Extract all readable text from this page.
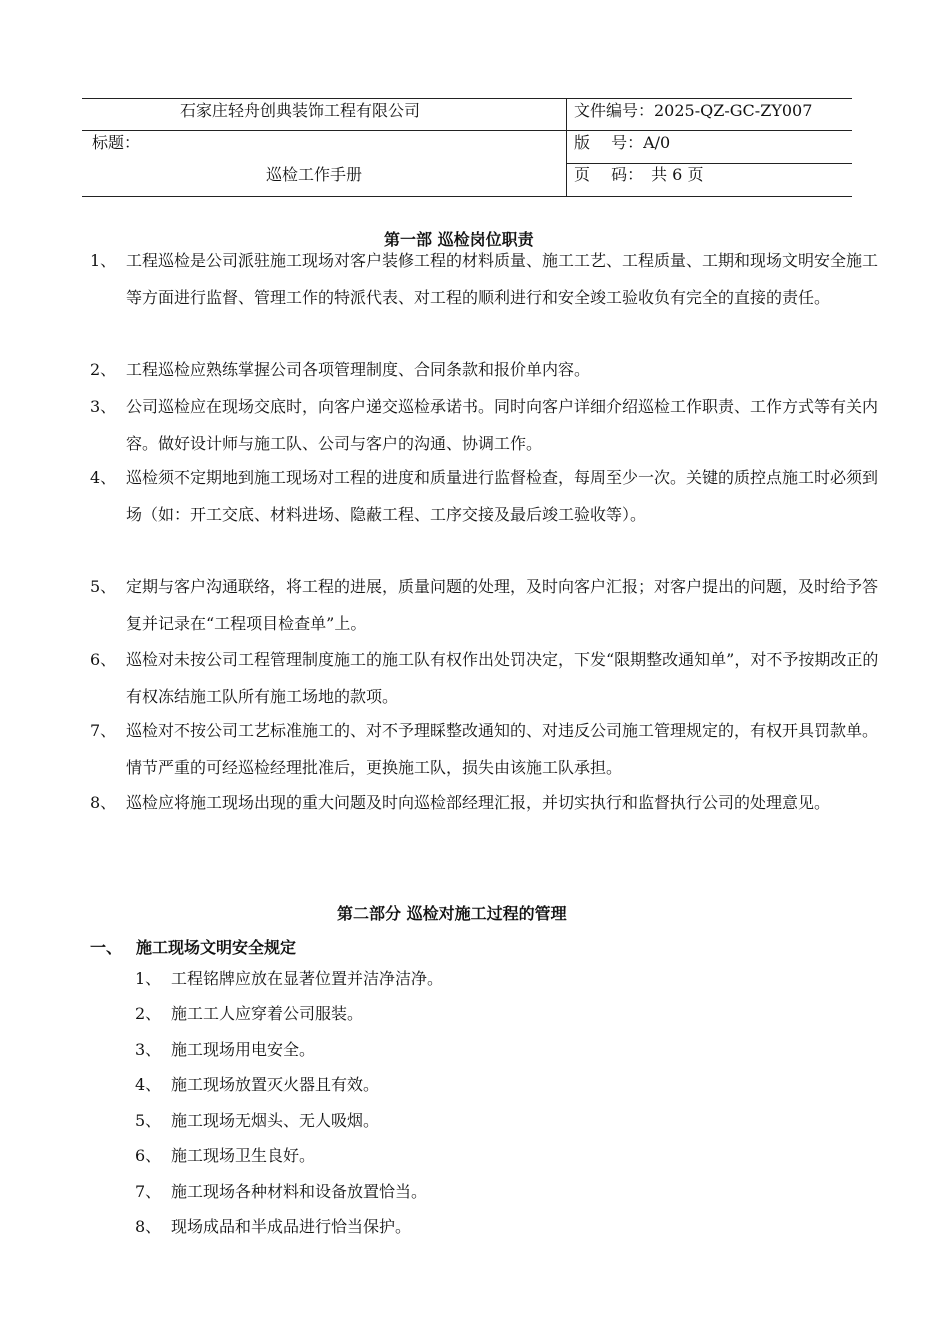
石家庄轻舟创典装饰工程有限公司	文件编号：2025-QZ-GC-ZY007
标题：	版　 号：A/0
巡检工作手册	页　 码：　共 6 页
第一部 巡检岗位职责
1、 工程巡检是公司派驻施工现场对客户装修工程的材料质量、施工工艺、工程质量、工期和现场文明安全施工等方面进行监督、管理工作的特派代表、对工程的顺利进行和安全竣工验收负有完全的直接的责任。
2、 工程巡检应熟练掌握公司各项管理制度、合同条款和报价单内容。
3、 公司巡检应在现场交底时，向客户递交巡检承诺书。同时向客户详细介绍巡检工作职责、工作方式等有关内容。做好设计师与施工队、公司与客户的沟通、协调工作。
4、 巡检须不定期地到施工现场对工程的进度和质量进行监督检查，每周至少一次。关键的质控点施工时必须到场（如：开工交底、材料进场、隐蔽工程、工序交接及最后竣工验收等）。
5、 定期与客户沟通联络，将工程的进展，质量问题的处理，及时向客户汇报；对客户提出的问题，及时给予答复并记录在“工程项目检查单”上。
6、 巡检对未按公司工程管理制度施工的施工队有权作出处罚决定，下发“限期整改通知单”，对不予按期改正的有权冻结施工队所有施工场地的款项。
7、 巡检对不按公司工艺标准施工的、对不予理睬整改通知的、对违反公司施工管理规定的，有权开具罚款单。情节严重的可经巡检经理批准后，更换施工队，损失由该施工队承担。
8、 巡检应将施工现场出现的重大问题及时向巡检部经理汇报，并切实执行和监督执行公司的处理意见。
第二部分 巡检对施工过程的管理
一、 施工现场文明安全规定
1、 工程铭牌应放在显著位置并洁净洁净。
2、 施工工人应穿着公司服装。
3、 施工现场用电安全。
4、 施工现场放置灭火器且有效。
5、 施工现场无烟头、无人吸烟。
6、 施工现场卫生良好。
7、 施工现场各种材料和设备放置恰当。
8、 现场成品和半成品进行恰当保护。
